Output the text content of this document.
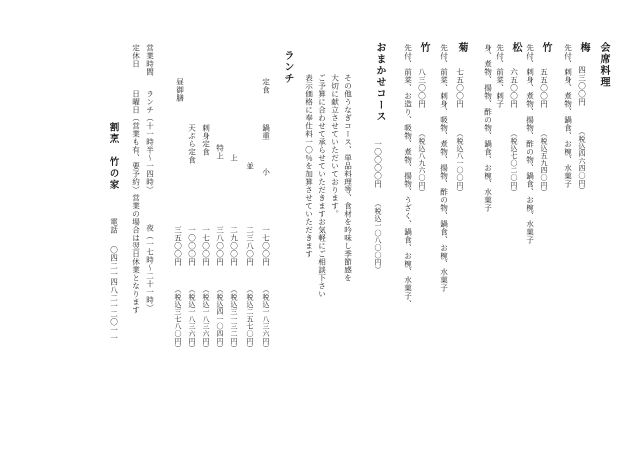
会席料理
梅
四三〇〇円
（税込四六四〇円）
先付、刺身、煮物、鍋食、お椀、水菓子
竹
五五〇〇円
（税込五九四〇円）
先付、刺身、煮物、揚物、酢の物、鍋食、お椀、水菓子
松
六五〇〇円
（税込七〇二〇円）
先付、前菜、刺子
身、煮物、揚物、酢の物、鍋食、お椀、水菓子
菊
七五〇〇円
（税込八一〇〇円）
先付、前菜、刺身、吸物、煮物、揚物、酢の物、鍋食、お椀、水菓子
竹
八三〇〇円
（税込八九六〇円）
先付、前菜、お造り、吸物、煮物、揚物、うざく、鍋食、お椀、水菓子、
おまかせコース
一〇〇〇〇円
（税込一〇八〇〇円）
その他うなぎコース、単品料理等、食材を吟味し季節感を
大切に献立させていただいております。
ご予算に合わせて承らせていただきますお気軽にご相談下さい
表示価格に奉仕料一〇％を加算させていただきます
ランチ
定食
鍋重
小
一七〇〇円
（税込一八三六円）
並
二三八〇円
（税込二五七〇円）
上
二九〇〇円
（税込三一三二円）
特上
三八〇〇円
（税込四一〇四円）
刺身定食
一七〇〇円
（税込一八三六円）
天ぷら定食
一〇〇〇円
（税込一八三六円）
昼御膳
三五〇〇円
（税込三七八〇円）
営業時間
ランチ（十一時半～一四時）
夜（一七時～二十一時）
定休日
日曜日（営業も有、要予約）営業の場合は翌日休業となります
割烹　竹の家
電話
〇四二一四八二一二〇一一
